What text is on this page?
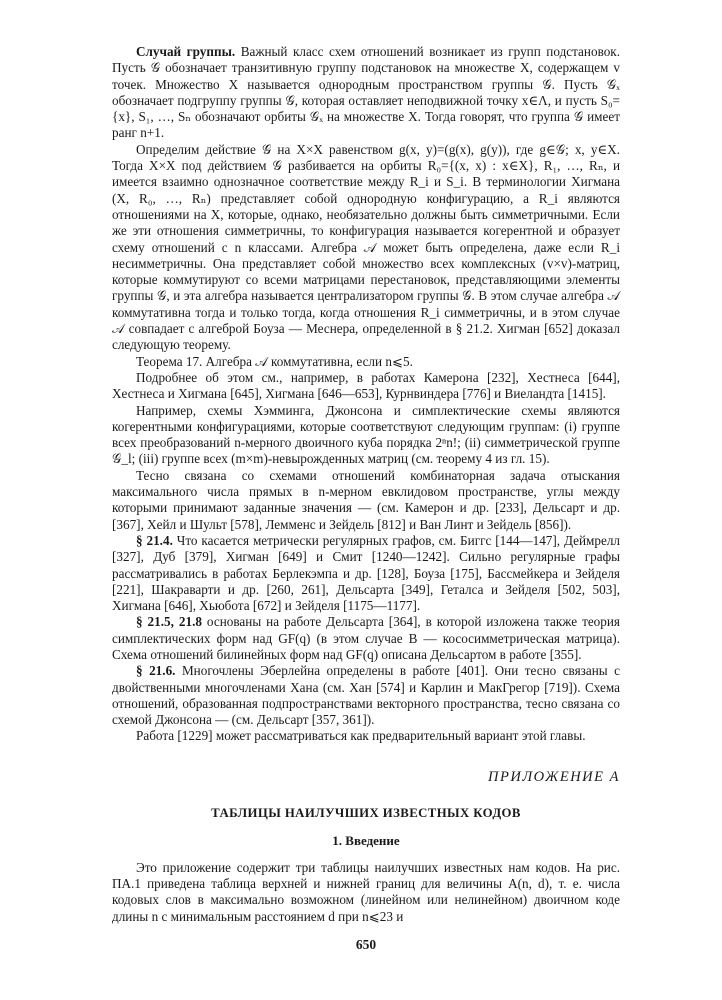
Случай группы. Важный класс схем отношений возникает из групп подстановок. Пусть 𝒢 обозначает транзитивную группу подстановок на множестве X, содержащем v точек. Множество X называется однородным пространством группы 𝒢. Пусть 𝒢ₓ обозначает подгруппу группы 𝒢, которая оставляет неподвижной точку x∈Λ, и пусть S₀={x}, S₁, …, Sₙ обозначают орбиты 𝒢ₓ на множестве X. Тогда говорят, что группа 𝒢 имеет ранг n+1.

Определим действие 𝒢 на X×X равенством g(x, y)=(g(x), g(y)), где g∈𝒢; x, y∈X. Тогда X×X под действием 𝒢 разбивается на орбиты R₀={(x, x) : x∈X}, R₁, …, Rₙ, и имеется взаимно однозначное соответствие между R_i и S_i. В терминологии Хигмана (X, R₀, …, Rₙ) представляет собой однородную конфигурацию, а R_i являются отношениями на X, которые, однако, необязательно должны быть симметричными. Если же эти отношения симметричны, то конфигурация называется когерентной и образует схему отношений с n классами. Алгебра 𝒜 может быть определена, даже если R_i несимметричны. Она представляет собой множество всех комплексных (v×v)-матриц, которые коммутируют со всеми матрицами перестановок, представляющими элементы группы 𝒢, и эта алгебра называется централизатором группы 𝒢. В этом случае алгебра 𝒜 коммутативна тогда и только тогда, когда отношения R_i симметричны, и в этом случае 𝒜 совпадает с алгеброй Боуза — Меснера, определенной в § 21.2. Хигман [652] доказал следующую теорему.

Теорема 17. Алгебра 𝒜 коммутативна, если n⩽5.

Подробнее об этом см., например, в работах Камерона [232], Хестнеса [644], Хестнеса и Хигмана [645], Хигмана [646—653], Курнвиндера [776] и Виеландта [1415].

Например, схемы Хэмминга, Джонсона и симплектические схемы являются когерентными конфигурациями, которые соответствуют следующим группам: (i) группе всех преобразований n-мерного двоичного куба порядка 2ⁿn!; (ii) симметрической группе 𝒢_l; (iii) группе всех (m×m)-невырожденных матриц (см. теорему 4 из гл. 15).

Тесно связана со схемами отношений комбинаторная задача отыскания максимального числа прямых в n-мерном евклидовом пространстве, углы между которыми принимают заданные значения — (см. Камерон и др. [233], Дельсарт и др. [367], Хейл и Шульт [578], Лемменс и Зейдель [812] и Ван Линт и Зейдель [856]).

§ 21.4. Что касается метрически регулярных графов, см. Биггс [144—147], Деймрелл [327], Дуб [379], Хигман [649] и Смит [1240—1242]. Сильно регулярные графы рассматривались в работах Берлекэмпа и др. [128], Боуза [175], Бассмейкера и Зейделя [221], Шакраварти и др. [260, 261], Дельсарта [349], Геталса и Зейделя [502, 503], Хигмана [646], Хьюбота [672] и Зейделя [1175—1177].

§ 21.5, 21.8 основаны на работе Дельсарта [364], в которой изложена также теория симплектических форм над GF(q) (в этом случае B — кососимметрическая матрица). Схема отношений билинейных форм над GF(q) описана Дельсартом в работе [355].

§ 21.6. Многочлены Эберлейна определены в работе [401]. Они тесно связаны с двойственными многочленами Хана (см. Хан [574] и Карлин и МакГрегор [719]). Схема отношений, образованная подпространствами векторного пространства, тесно связана со схемой Джонсона — (см. Дельсарт [357, 361]).

Работа [1229] может рассматриваться как предварительный вариант этой главы.

ПРИЛОЖЕНИЕ А
ТАБЛИЦЫ НАИЛУЧШИХ ИЗВЕСТНЫХ КОДОВ
1. Введение

Это приложение содержит три таблицы наилучших известных нам кодов. На рис. ПА.1 приведена таблица верхней и нижней границ для величины A(n, d), т. е. числа кодовых слов в максимально возможном (линейном или нелинейном) двоичном коде длины n с минимальным расстоянием d при n⩽23 и

650
